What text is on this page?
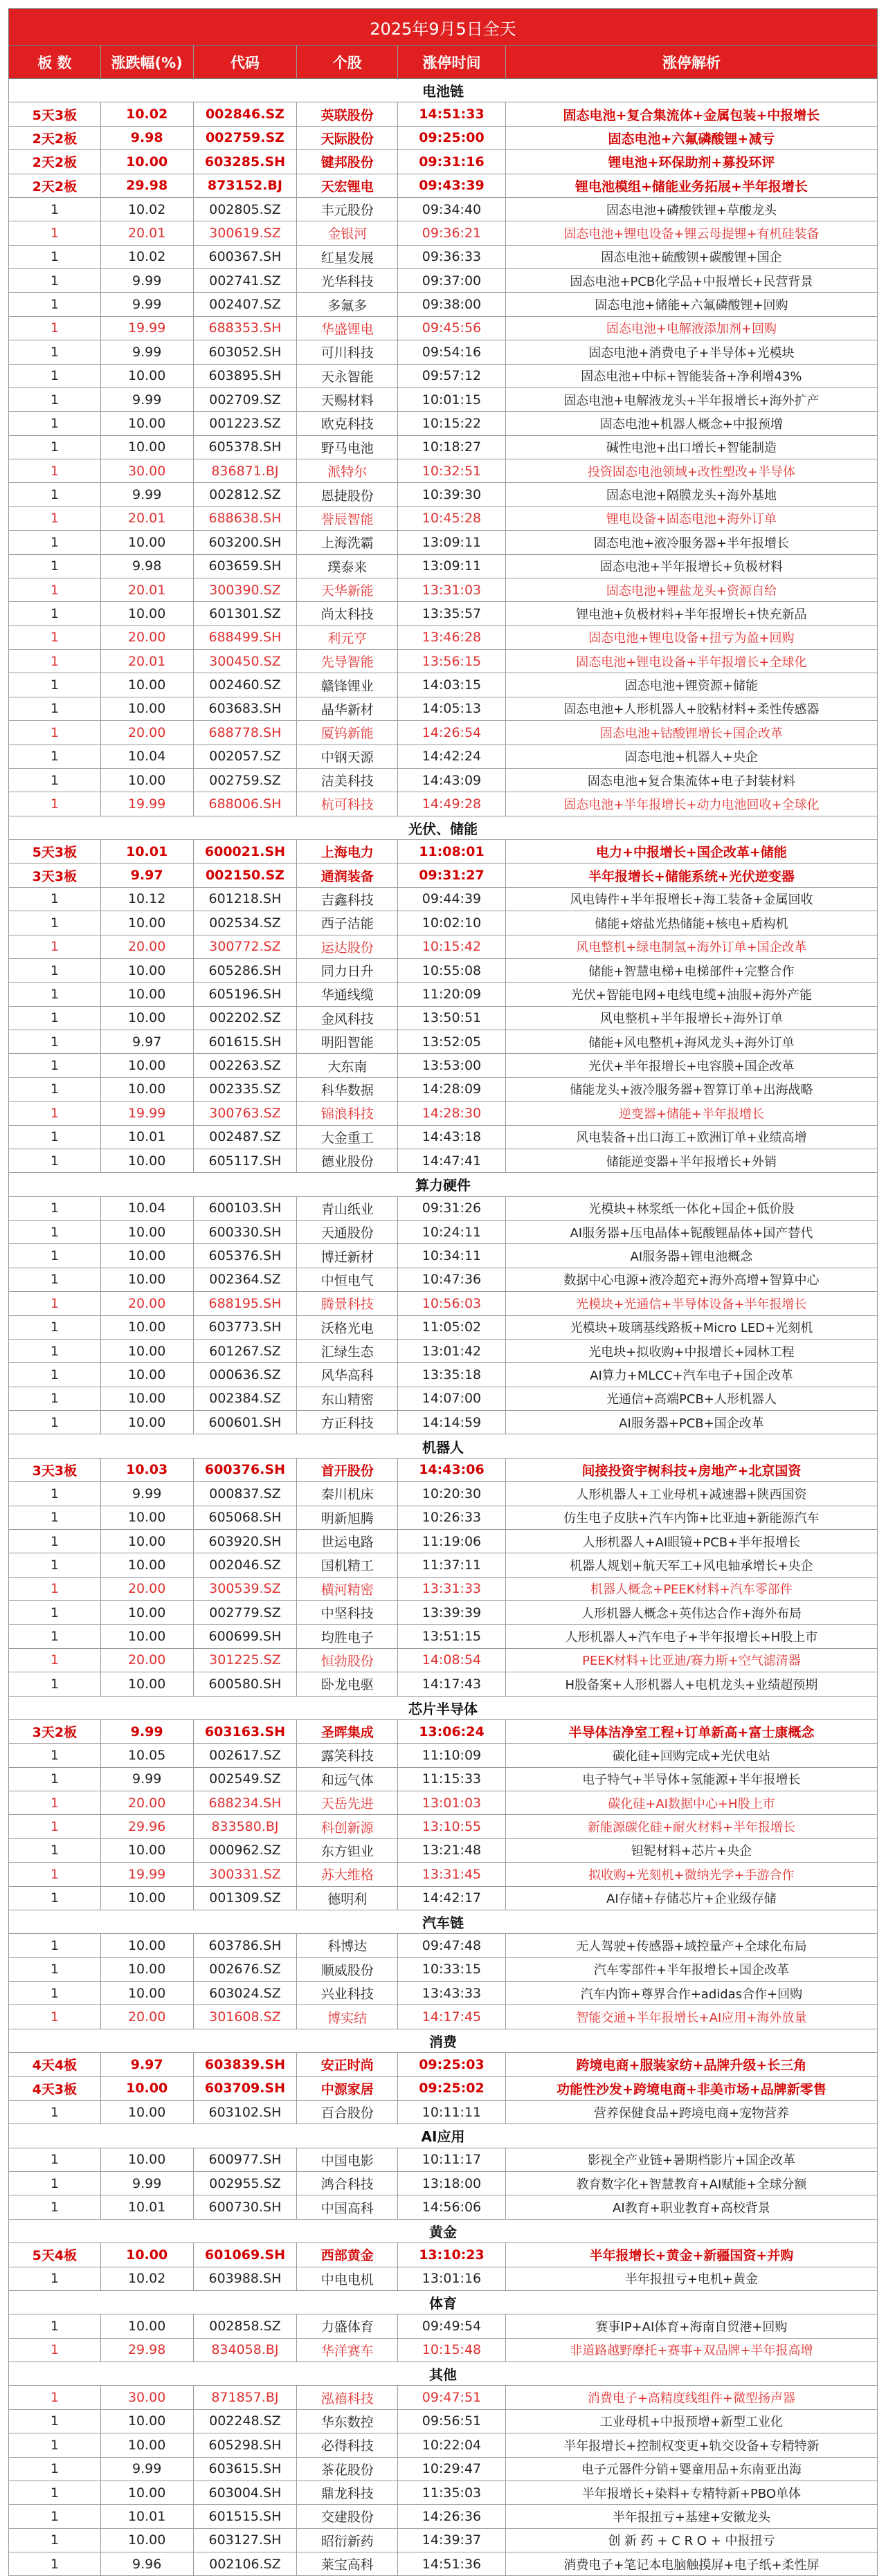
2025年9月5日全天
板 数	涨跌幅(%)	代码	个股	涨停时间	涨停解析
电池链
5天3板	10.02	002846.SZ	英联股份	14:51:33	固态电池+复合集流体+金属包装+中报增长
2天2板	9.98	002759.SZ	天际股份	09:25:00	固态电池+六氟磷酸锂+减亏
2天2板	10.00	603285.SH	键邦股份	09:31:16	锂电池+环保助剂+募投环评
2天2板	29.98	873152.BJ	天宏锂电	09:43:39	锂电池模组+储能业务拓展+半年报增长
1	10.02	002805.SZ	丰元股份	09:34:40	固态电池+磷酸铁锂+草酸龙头
1	20.01	300619.SZ	金银河	09:36:21	固态电池+锂电设备+锂云母提锂+有机硅装备
1	10.02	600367.SH	红星发展	09:36:33	固态电池+硫酸钡+碳酸锂+国企
1	9.99	002741.SZ	光华科技	09:37:00	固态电池+PCB化学品+中报增长+民营背景
1	9.99	002407.SZ	多氟多	09:38:00	固态电池+储能+六氟磷酸锂+回购
1	19.99	688353.SH	华盛锂电	09:45:56	固态电池+电解液添加剂+回购
1	9.99	603052.SH	可川科技	09:54:16	固态电池+消费电子+半导体+光模块
1	10.00	603895.SH	天永智能	09:57:12	固态电池+中标+智能装备+净利增43%
1	9.99	002709.SZ	天赐材料	10:01:15	固态电池+电解液龙头+半年报增长+海外扩产
1	10.00	001223.SZ	欧克科技	10:15:22	固态电池+机器人概念+中报预增
1	10.00	605378.SH	野马电池	10:18:27	碱性电池+出口增长+智能制造
1	30.00	836871.BJ	派特尔	10:32:51	投资固态电池领域+改性塑改+半导体
1	9.99	002812.SZ	恩捷股份	10:39:30	固态电池+隔膜龙头+海外基地
1	20.01	688638.SH	誉辰智能	10:45:28	锂电设备+固态电池+海外订单
1	10.00	603200.SH	上海洗霸	13:09:11	固态电池+液冷服务器+半年报增长
1	9.98	603659.SH	璞泰来	13:09:11	固态电池+半年报增长+负极材料
1	20.01	300390.SZ	天华新能	13:31:03	固态电池+锂盐龙头+资源自给
1	10.00	601301.SZ	尚太科技	13:35:57	锂电池+负极材料+半年报增长+快充新品
1	20.00	688499.SH	利元亨	13:46:28	固态电池+锂电设备+扭亏为盈+回购
1	20.01	300450.SZ	先导智能	13:56:15	固态电池+锂电设备+半年报增长+全球化
1	10.00	002460.SZ	赣锋锂业	14:03:15	固态电池+锂资源+储能
1	10.00	603683.SH	晶华新材	14:05:13	固态电池+人形机器人+胶粘材料+柔性传感器
1	20.00	688778.SH	厦钨新能	14:26:54	固态电池+钴酸锂增长+国企改革
1	10.04	002057.SZ	中钢天源	14:42:24	固态电池+机器人+央企
1	10.00	002759.SZ	洁美科技	14:43:09	固态电池+复合集流体+电子封装材料
1	19.99	688006.SH	杭可科技	14:49:28	固态电池+半年报增长+动力电池回收+全球化
光伏、储能
5天3板	10.01	600021.SH	上海电力	11:08:01	电力+中报增长+国企改革+储能
3天3板	9.97	002150.SZ	通润装备	09:31:27	半年报增长+储能系统+光伏逆变器
1	10.12	601218.SH	吉鑫科技	09:44:39	风电铸件+半年报增长+海工装备+金属回收
1	10.00	002534.SZ	西子洁能	10:02:10	储能+熔盐光热储能+核电+盾构机
1	20.00	300772.SZ	运达股份	10:15:42	风电整机+绿电制氢+海外订单+国企改革
1	10.00	605286.SH	同力日升	10:55:08	储能+智慧电梯+电梯部件+完整合作
1	10.00	605196.SH	华通线缆	11:20:09	光伏+智能电网+电线电缆+油服+海外产能
1	10.00	002202.SZ	金风科技	13:50:51	风电整机+半年报增长+海外订单
1	9.97	601615.SH	明阳智能	13:52:05	储能+风电整机+海风龙头+海外订单
1	10.00	002263.SZ	大东南	13:53:00	光伏+半年报增长+电容膜+国企改革
1	10.00	002335.SZ	科华数据	14:28:09	储能龙头+液冷服务器+智算订单+出海战略
1	19.99	300763.SZ	锦浪科技	14:28:30	逆变器+储能+半年报增长
1	10.01	002487.SZ	大金重工	14:43:18	风电装备+出口海工+欧洲订单+业绩高增
1	10.00	605117.SH	德业股份	14:47:41	储能逆变器+半年报增长+外销
算力硬件
1	10.04	600103.SH	青山纸业	09:31:26	光模块+林浆纸一体化+国企+低价股
1	10.00	600330.SH	天通股份	10:24:11	AI服务器+压电晶体+铌酸锂晶体+国产替代
1	10.00	605376.SH	博迁新材	10:34:11	AI服务器+锂电池概念
1	10.00	002364.SZ	中恒电气	10:47:36	数据中心电源+液冷超充+海外高增+智算中心
1	20.00	688195.SH	腾景科技	10:56:03	光模块+光通信+半导体设备+半年报增长
1	10.00	603773.SH	沃格光电	11:05:02	光模块+玻璃基线路板+Micro LED+光刻机
1	10.00	601267.SZ	汇绿生态	13:01:42	光电块+拟收购+中报增长+园林工程
1	10.00	000636.SZ	风华高科	13:35:18	AI算力+MLCC+汽车电子+国企改革
1	10.00	002384.SZ	东山精密	14:07:00	光通信+高端PCB+人形机器人
1	10.00	600601.SH	方正科技	14:14:59	AI服务器+PCB+国企改革
机器人
3天3板	10.03	600376.SH	首开股份	14:43:06	间接投资宇树科技+房地产+北京国资
1	9.99	000837.SZ	秦川机床	10:20:30	人形机器人+工业母机+减速器+陕西国资
1	10.00	605068.SH	明新旭腾	10:26:33	仿生电子皮肤+汽车内饰+比亚迪+新能源汽车
1	10.00	603920.SH	世运电路	11:19:06	人形机器人+AI眼镜+PCB+半年报增长
1	10.00	002046.SZ	国机精工	11:37:11	机器人规划+航天军工+风电轴承增长+央企
1	20.00	300539.SZ	横河精密	13:31:33	机器人概念+PEEK材料+汽车零部件
1	10.00	002779.SZ	中坚科技	13:39:39	人形机器人概念+英伟达合作+海外布局
1	10.00	600699.SH	均胜电子	13:51:15	人形机器人+汽车电子+半年报增长+H股上市
1	20.00	301225.SZ	恒勃股份	14:08:54	PEEK材料+比亚迪/赛力斯+空气滤清器
1	10.00	600580.SH	卧龙电驱	14:17:43	H股备案+人形机器人+电机龙头+业绩超预期
芯片半导体
3天2板	9.99	603163.SH	圣晖集成	13:06:24	半导体洁净室工程+订单新高+富士康概念
1	10.05	002617.SZ	露笑科技	11:10:09	碳化硅+回购完成+光伏电站
1	9.99	002549.SZ	和远气体	11:15:33	电子特气+半导体+氢能源+半年报增长
1	20.00	688234.SH	天岳先进	13:01:03	碳化硅+AI数据中心+H股上市
1	29.96	833580.BJ	科创新源	13:10:55	新能源碳化硅+耐火材料+半年报增长
1	10.00	000962.SZ	东方钽业	13:21:48	钽铌材料+芯片+央企
1	19.99	300331.SZ	苏大维格	13:31:45	拟收购+光刻机+微纳光学+手游合作
1	10.00	001309.SZ	德明利	14:42:17	AI存储+存储芯片+企业级存储
汽车链
1	10.00	603786.SH	科博达	09:47:48	无人驾驶+传感器+域控量产+全球化布局
1	10.00	002676.SZ	顺威股份	10:33:15	汽车零部件+半年报增长+国企改革
1	10.00	603024.SZ	兴业科技	13:43:33	汽车内饰+尊界合作+adidas合作+回购
1	20.00	301608.SZ	博实结	14:17:45	智能交通+半年报增长+AI应用+海外放量
消费
4天4板	9.97	603839.SH	安正时尚	09:25:03	跨境电商+服装家纺+品牌升级+长三角
4天3板	10.00	603709.SH	中源家居	09:25:02	功能性沙发+跨境电商+非美市场+品牌新零售
1	10.00	603102.SH	百合股份	10:11:11	营养保健食品+跨境电商+宠物营养
AI应用
1	10.00	600977.SH	中国电影	10:11:17	影视全产业链+暑期档影片+国企改革
1	9.99	002955.SZ	鸿合科技	13:18:00	教育数字化+智慧教育+AI赋能+全球分额
1	10.01	600730.SH	中国高科	14:56:06	AI教育+职业教育+高校背景
黄金
5天4板	10.00	601069.SH	西部黄金	13:10:23	半年报增长+黄金+新疆国资+并购
1	10.02	603988.SH	中电电机	13:01:16	半年报扭亏+电机+黄金
体育
1	10.00	002858.SZ	力盛体育	09:49:54	赛事IP+AI体育+海南自贸港+回购
1	29.98	834058.BJ	华洋赛车	10:15:48	非道路越野摩托+赛事+双品牌+半年报高增
其他
1	30.00	871857.BJ	泓禧科技	09:47:51	消费电子+高精度线组件+微型扬声器
1	10.00	002248.SZ	华东数控	09:56:51	工业母机+中报预增+新型工业化
1	10.00	605298.SH	必得科技	10:22:04	半年报增长+控制权变更+轨交设备+专精特新
1	9.99	603615.SH	茶花股份	10:29:47	电子元器件分销+婴童用品+东南亚出海
1	10.00	603004.SH	鼎龙科技	11:35:03	半年报增长+染料+专精特新+PBO单体
1	10.01	601515.SH	交建股份	14:26:36	半年报扭亏+基建+安徽龙头
1	10.00	603127.SH	昭衍新药	14:39:37	创 新 药 + C R O + 中报扭亏
1	9.96	002106.SZ	莱宝高科	14:51:36	消费电子+笔记本电脑触摸屏+电子纸+柔性屏
